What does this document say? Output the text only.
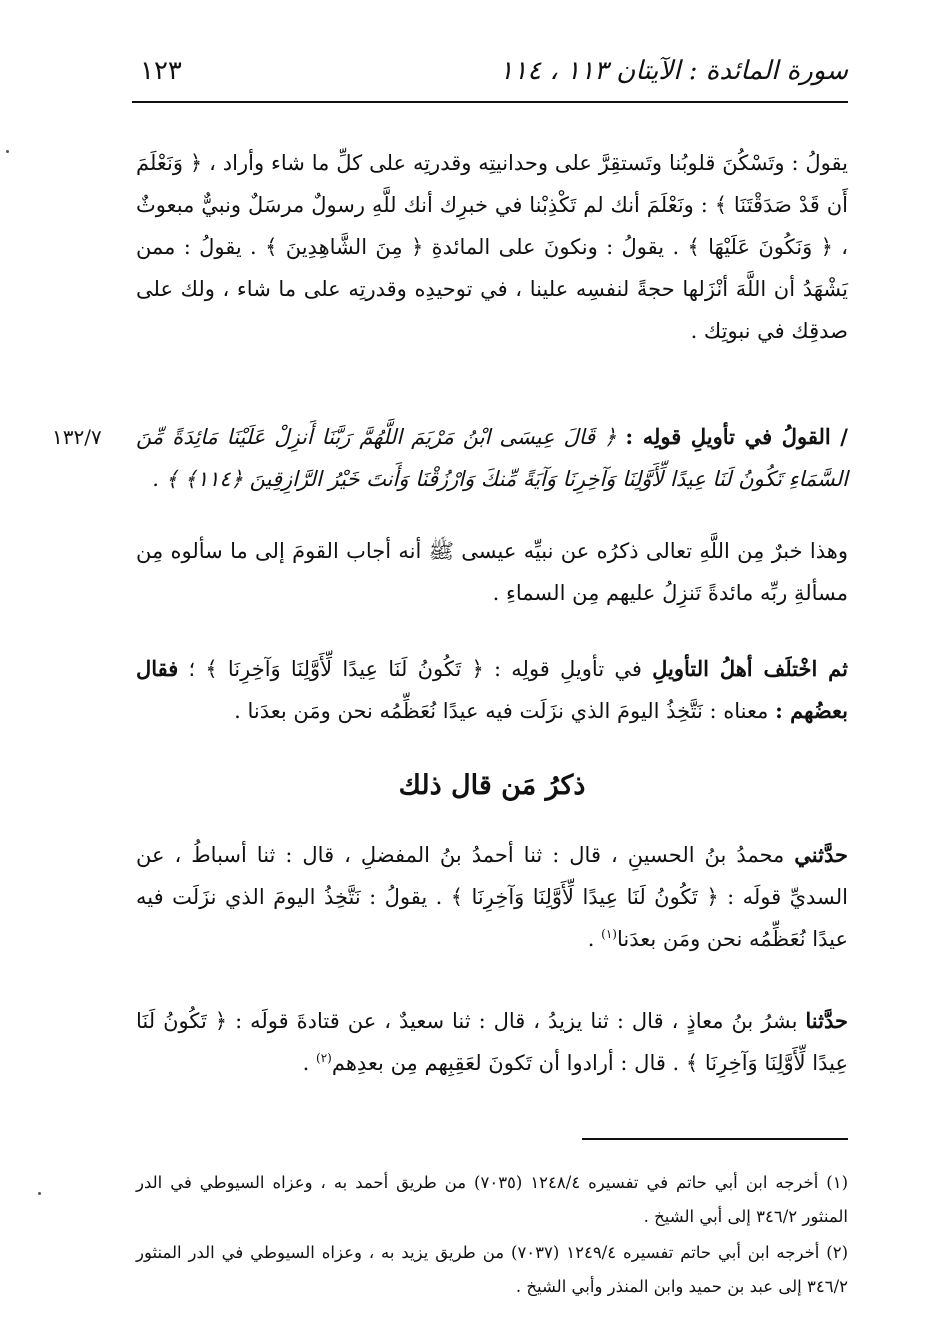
سورة المائدة : الآيتان ١١٣ ، ١١٤
١٢٣
يقولُ : وتَسْكُنَ قلوبُنا وتَستقِرَّ على وحدانيتِه وقدرتِه على كلِّ ما شاء وأراد ، ﴿ وَنَعْلَمَ أَن قَدْ صَدَقْتَنَا ﴾ : ونَعْلَمَ أنك لم تَكْذِبْنا في خبرِك أنك للَّهِ رسولٌ مرسَلٌ ونبيٌّ مبعوثٌ ، ﴿ وَنَكُونَ عَلَيْهَا ﴾ . يقولُ : ونكونَ على المائدةِ ﴿ مِنَ الشَّاهِدِينَ ﴾ . يقولُ : ممن يَشْهَدُ أن اللَّهَ أنْزَلها حجةً لنفسِه علينا ، في توحيدِه وقدرتِه على ما شاء ، ولك على صدقِك في نبوتِك .
١٣٢/٧	/ القولُ في تأويلِ قولِه : ﴿ قَالَ عِيسَى ابْنُ مَرْيَمَ اللَّهُمَّ رَبَّنَا أَنزِلْ عَلَيْنَا مَائِدَةً مِّنَ السَّمَاءِ تَكُونُ لَنَا عِيدًا لِّأَوَّلِنَا وَآخِرِنَا وَآيَةً مِّنكَ وَارْزُقْنَا وَأَنتَ خَيْرُ الرَّازِقِينَ ﴿١١٤﴾ ﴾ .
وهذا خبرٌ مِن اللَّهِ تعالى ذكرُه عن نبيِّه عيسى ﷺ أنه أجاب القومَ إلى ما سألوه مِن مسألةِ ربِّه مائدةً تَنزِلُ عليهم مِن السماءِ .
ثم اخْتلَف أهلُ التأويلِ في تأويلِ قولِه : ﴿ تَكُونُ لَنَا عِيدًا لِّأَوَّلِنَا وَآخِرِنَا ﴾ ؛ فقال بعضُهم : معناه : نَتَّخِذُ اليومَ الذي نزَلَت فيه عيدًا نُعَظِّمُه نحن ومَن بعدَنا .
ذكرُ مَن قال ذلك
حدَّثني محمدُ بنُ الحسينِ ، قال : ثنا أحمدُ بنُ المفضلِ ، قال : ثنا أسباطُ ، عن السديِّ قولَه : ﴿ تَكُونُ لَنَا عِيدًا لِّأَوَّلِنَا وَآخِرِنَا ﴾ . يقولُ : نَتَّخِذُ اليومَ الذي نزَلَت فيه عيدًا نُعَظِّمُه نحن ومَن بعدَنا$^{(١)}$ .
حدَّثنا بشرُ بنُ معاذٍ ، قال : ثنا يزيدُ ، قال : ثنا سعيدٌ ، عن قتادةَ قولَه : ﴿ تَكُونُ لَنَا عِيدًا لِّأَوَّلِنَا وَآخِرِنَا ﴾ . قال : أرادوا أن تَكونَ لعَقِبِهم مِن بعدِهم$^{(٢)}$ .
(١) أخرجه ابن أبي حاتم في تفسيره ١٢٤٨/٤ (٧٠٣٥) من طريق أحمد به ، وعزاه السيوطي في الدر المنثور ٣٤٦/٢ إلى أبي الشيخ .
(٢) أخرجه ابن أبي حاتم تفسيره ١٢٤٩/٤ (٧٠٣٧) من طريق يزيد به ، وعزاه السيوطي في الدر المنثور ٣٤٦/٢ إلى عبد بن حميد وابن المنذر وأبي الشيخ .
